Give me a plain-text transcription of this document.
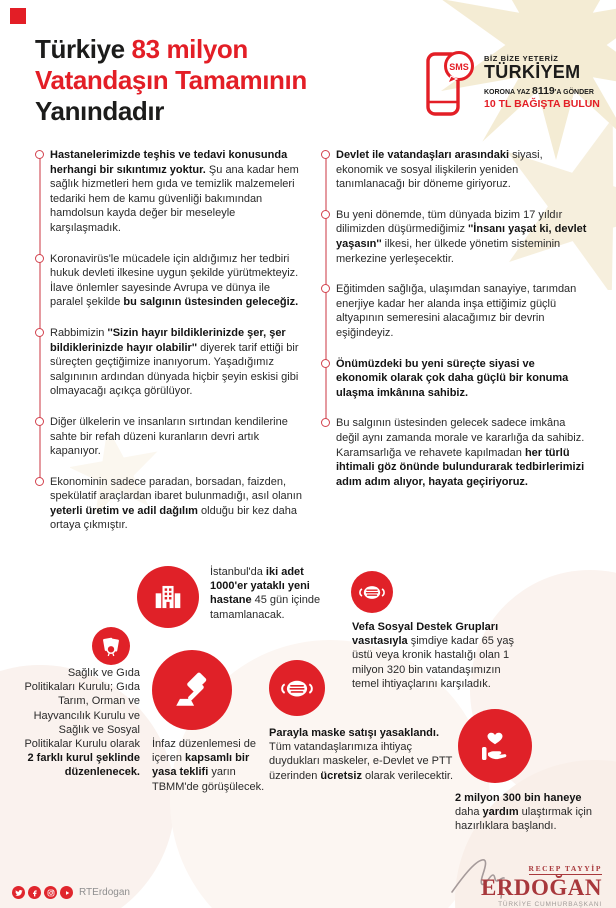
Türkiye 83 milyon
Vatandaşın Tamamının
Yanındadır
SMS
BİZ BİZE YETERİZ
TÜRKİYEM
KORONA YAZ 8119'A GÖNDER
10 TL BAĞIŞTA BULUN
Hastanelerimizde teşhis ve tedavi konusunda herhangi bir sıkıntımız yoktur. Şu ana kadar hem sağlık hizmetleri hem gıda ve temizlik malzemeleri tedariki hem de kamu güvenliği bakımından hamdolsun kayda değer bir meseleyle karşılaşmadık.
Koronavirüs'le mücadele için aldığımız her tedbiri hukuk devleti ilkesine uygun şekilde yürütmekteyiz. İlave önlemler sayesinde Avrupa ve dünya ile paralel şekilde bu salgının üstesinden geleceğiz.
Rabbimizin ''Sizin hayır bildiklerinizde şer, şer bildiklerinizde hayır olabilir'' diyerek tarif ettiği bir süreçten geçtiğimize inanıyorum. Yaşadığımız salgınının ardından dünyada hiçbir şeyin eskisi gibi olmayacağı açıkça görülüyor.
Diğer ülkelerin ve insanların sırtından kendilerine sahte bir refah düzeni kuranların devri artık kapanıyor.
Ekonominin sadece paradan, borsadan, faizden, spekülatif araçlardan ibaret bulunmadığı, asıl olanın yeterli üretim ve adil dağılım olduğu bir kez daha ortaya çıkmıştır.
Devlet ile vatandaşları arasındaki siyasi, ekonomik ve sosyal ilişkilerin yeniden tanımlanacağı bir döneme giriyoruz.
Bu yeni dönemde, tüm dünyada bizim 17 yıldır dilimizden düşürmediğimiz ''İnsanı yaşat ki, devlet yaşasın'' ilkesi, her ülkede yönetim sisteminin merkezine yerleşecektir.
Eğitimden sağlığa, ulaşımdan sanayiye, tarımdan enerjiye kadar her alanda inşa ettiğimiz güçlü altyapının semeresini alacağımız bir devrin eşiğindeyiz.
Önümüzdeki bu yeni süreçte siyasi ve ekonomik olarak çok daha güçlü bir konuma ulaşma imkânına sahibiz.
Bu salgının üstesinden gelecek sadece imkâna değil aynı zamanda morale ve kararlığa da sahibiz. Karamsarlığa ve rehavete kapılmadan her türlü ihtimali göz önünde bulundurarak tedbirlerimizi adım adım alıyor, hayata geçiriyoruz.
İstanbul'da iki adet 1000'er yataklı yeni hastane 45 gün içinde tamamlanacak.
Vefa Sosyal Destek Grupları vasıtasıyla şimdiye kadar 65 yaş üstü veya kronik hastalığı olan 1 milyon 320 bin vatandaşımızın temel ihtiyaçlarını karşıladık.
Sağlık ve Gıda Politikaları Kurulu; Gıda Tarım, Orman ve Hayvancılık Kurulu ve Sağlık ve Sosyal Politikalar Kurulu olarak 2 farklı kurul şeklinde düzenlenecek.
İnfaz düzenlemesi de içeren kapsamlı bir yasa teklifi yarın TBMM'de görüşülecek.
Parayla maske satışı yasaklandı. Tüm vatandaşlarımıza ihtiyaç duydukları maskeler, e-Devlet ve PTT üzerinden ücretsiz olarak verilecektir.
2 milyon 300 bin haneye daha yardım ulaştırmak için hazırlıklara başlandı.
RTErdogan
RECEP TAYYİP
ERDOĞAN
TÜRKİYE CUMHURBAŞKANI
